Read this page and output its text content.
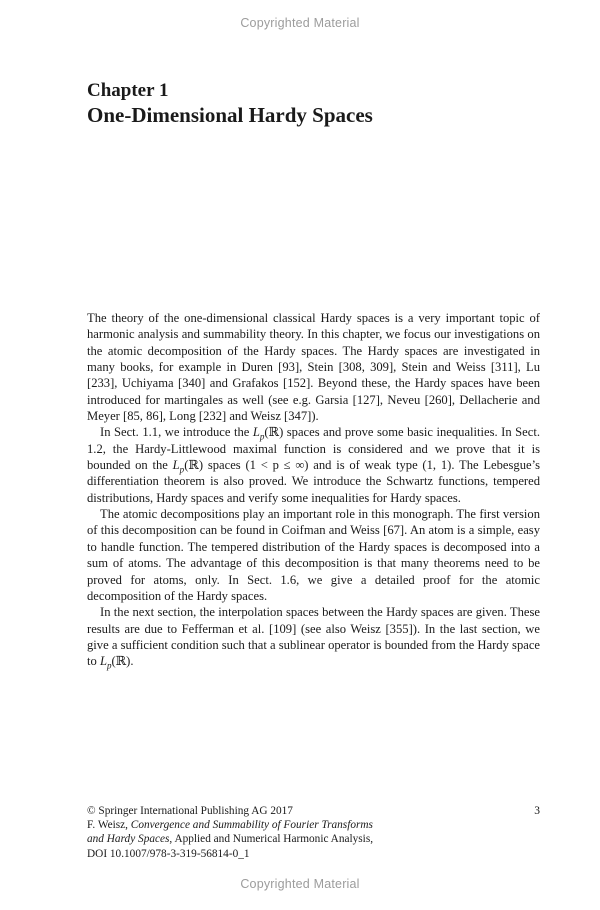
Copyrighted Material
Chapter 1
One-Dimensional Hardy Spaces

The theory of the one-dimensional classical Hardy spaces is a very important topic of harmonic analysis and summability theory. In this chapter, we focus our investigations on the atomic decomposition of the Hardy spaces. The Hardy spaces are investigated in many books, for example in Duren [93], Stein [308, 309], Stein and Weiss [311], Lu [233], Uchiyama [340] and Grafakos [152]. Beyond these, the Hardy spaces have been introduced for martingales as well (see e.g. Garsia [127], Neveu [260], Dellacherie and Meyer [85, 86], Long [232] and Weisz [347]).

In Sect. 1.1, we introduce the $L_p(ℝ)$ spaces and prove some basic inequalities. In Sect. 1.2, the Hardy-Littlewood maximal function is considered and we prove that it is bounded on the $L_p(ℝ)$ spaces (1 < p ≤ ∞) and is of weak type (1, 1). The Lebesgue’s differentiation theorem is also proved. We introduce the Schwartz functions, tempered distributions, Hardy spaces and verify some inequalities for Hardy spaces.

The atomic decompositions play an important role in this monograph. The first version of this decomposition can be found in Coifman and Weiss [67]. An atom is a simple, easy to handle function. The tempered distribution of the Hardy spaces is decomposed into a sum of atoms. The advantage of this decomposition is that many theorems need to be proved for atoms, only. In Sect. 1.6, we give a detailed proof for the atomic decomposition of the Hardy spaces.

In the next section, the interpolation spaces between the Hardy spaces are given. These results are due to Fefferman et al. [109] (see also Weisz [355]). In the last section, we give a sufficient condition such that a sublinear operator is bounded from the Hardy space to $L_p(ℝ)$.

© Springer International Publishing AG 2017
F. Weisz, Convergence and Summability of Fourier Transforms
and Hardy Spaces, Applied and Numerical Harmonic Analysis,
DOI 10.1007/978-3-319-56814-0_1
3
Copyrighted Material
